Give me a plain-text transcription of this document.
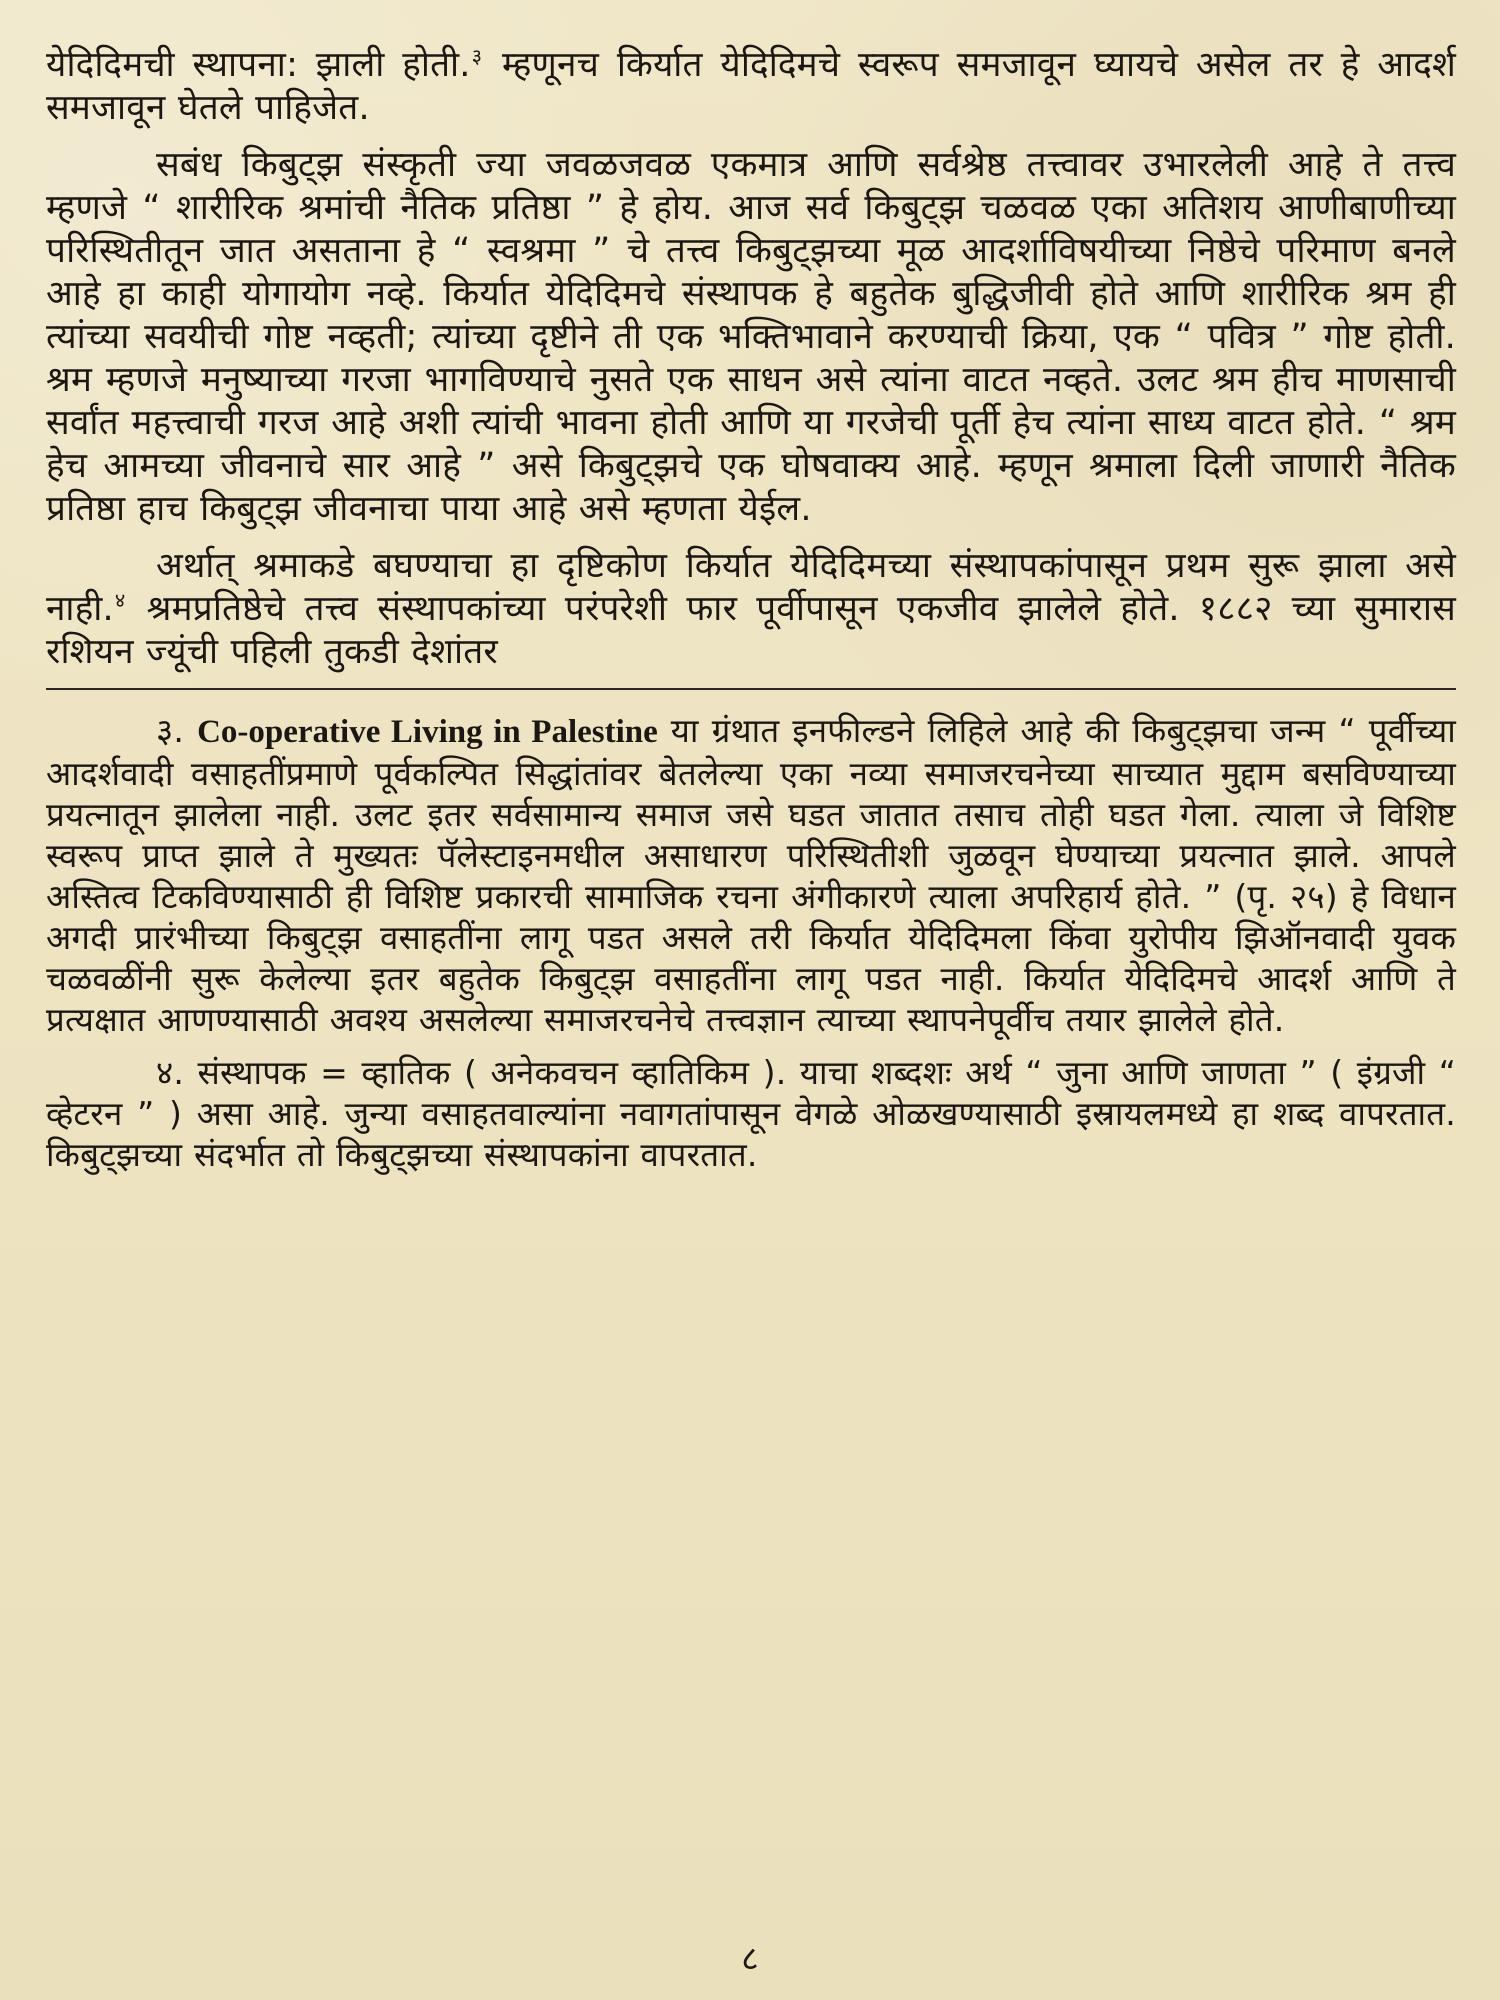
येदिदिमची स्थापना: झाली होती.$^३$ म्हणूनच किर्यात येदिदिमचे स्वरूप समजावून घ्यायचे असेल तर हे आदर्श समजावून घेतले पाहिजेत.

सबंध किबुट्झ संस्कृती ज्या जवळजवळ एकमात्र आणि सर्वश्रेष्ठ तत्त्वावर उभारलेली आहे ते तत्त्व म्हणजे “ शारीरिक श्रमांची नैतिक प्रतिष्ठा ” हे होय. आज सर्व किबुट्झ चळवळ एका अतिशय आणीबाणीच्या परिस्थितीतून जात असताना हे “ स्वश्रमा ” चे तत्त्व किबुट्झच्या मूळ आदर्शाविषयीच्या निष्ठेचे परिमाण बनले आहे हा काही योगायोग नव्हे. किर्यात येदिदिमचे संस्थापक हे बहुतेक बुद्धिजीवी होते आणि शारीरिक श्रम ही त्यांच्या सवयीची गोष्ट नव्हती; त्यांच्या दृष्टीने ती एक भक्तिभावाने करण्याची क्रिया, एक “ पवित्र ” गोष्ट होती. श्रम म्हणजे मनुष्याच्या गरजा भागविण्याचे नुसते एक साधन असे त्यांना वाटत नव्हते. उलट श्रम हीच माणसाची सर्वांत महत्त्वाची गरज आहे अशी त्यांची भावना होती आणि या गरजेची पूर्ती हेच त्यांना साध्य वाटत होते. “ श्रम हेच आमच्या जीवनाचे सार आहे ” असे किबुट्झचे एक घोषवाक्य आहे. म्हणून श्रमाला दिली जाणारी नैतिक प्रतिष्ठा हाच किबुट्झ जीवनाचा पाया आहे असे म्हणता येईल.

अर्थात् श्रमाकडे बघण्याचा हा दृष्टिकोण किर्यात येदिदिमच्या संस्थापकांपासून प्रथम सुरू झाला असे नाही.$^४$ श्रमप्रतिष्ठेचे तत्त्व संस्थापकांच्या परंपरेशी फार पूर्वीपासून एकजीव झालेले होते. १८८२ च्या सुमारास रशियन ज्यूंची पहिली तुकडी देशांतर

३. Co-operative Living in Palestine या ग्रंथात इनफील्डने लिहिले आहे की किबुट्झचा जन्म “ पूर्वीच्या आदर्शवादी वसाहतींप्रमाणे पूर्वकल्पित सिद्धांतांवर बेतलेल्या एका नव्या समाजरचनेच्या साच्यात मुद्दाम बसविण्याच्या प्रयत्नातून झालेला नाही. उलट इतर सर्वसामान्य समाज जसे घडत जातात तसाच तोही घडत गेला. त्याला जे विशिष्ट स्वरूप प्राप्त झाले ते मुख्यतः पॅलेस्टाइनमधील असाधारण परिस्थितीशी जुळवून घेण्याच्या प्रयत्नात झाले. आपले अस्तित्व टिकविण्यासाठी ही विशिष्ट प्रकारची सामाजिक रचना अंगीकारणे त्याला अपरिहार्य होते. ” (पृ. २५) हे विधान अगदी प्रारंभीच्या किबुट्झ वसाहतींना लागू पडत असले तरी किर्यात येदिदिमला किंवा युरोपीय झिऑनवादी युवक चळवळींनी सुरू केलेल्या इतर बहुतेक किबुट्झ वसाहतींना लागू पडत नाही. किर्यात येदिदिमचे आदर्श आणि ते प्रत्यक्षात आणण्यासाठी अवश्य असलेल्या समाजरचनेचे तत्त्वज्ञान त्याच्या स्थापनेपूर्वीच तयार झालेले होते.

४. संस्थापक = व्हातिक ( अनेकवचन व्हातिकिम ). याचा शब्दशः अर्थ “ जुना आणि जाणता ” ( इंग्रजी “ व्हेटरन ” ) असा आहे. जुन्या वसाहतवाल्यांना नवागतांपासून वेगळे ओळखण्यासाठी इस्रायलमध्ये हा शब्द वापरतात. किबुट्झच्या संदर्भात तो किबुट्झच्या संस्थापकांना वापरतात.

८
